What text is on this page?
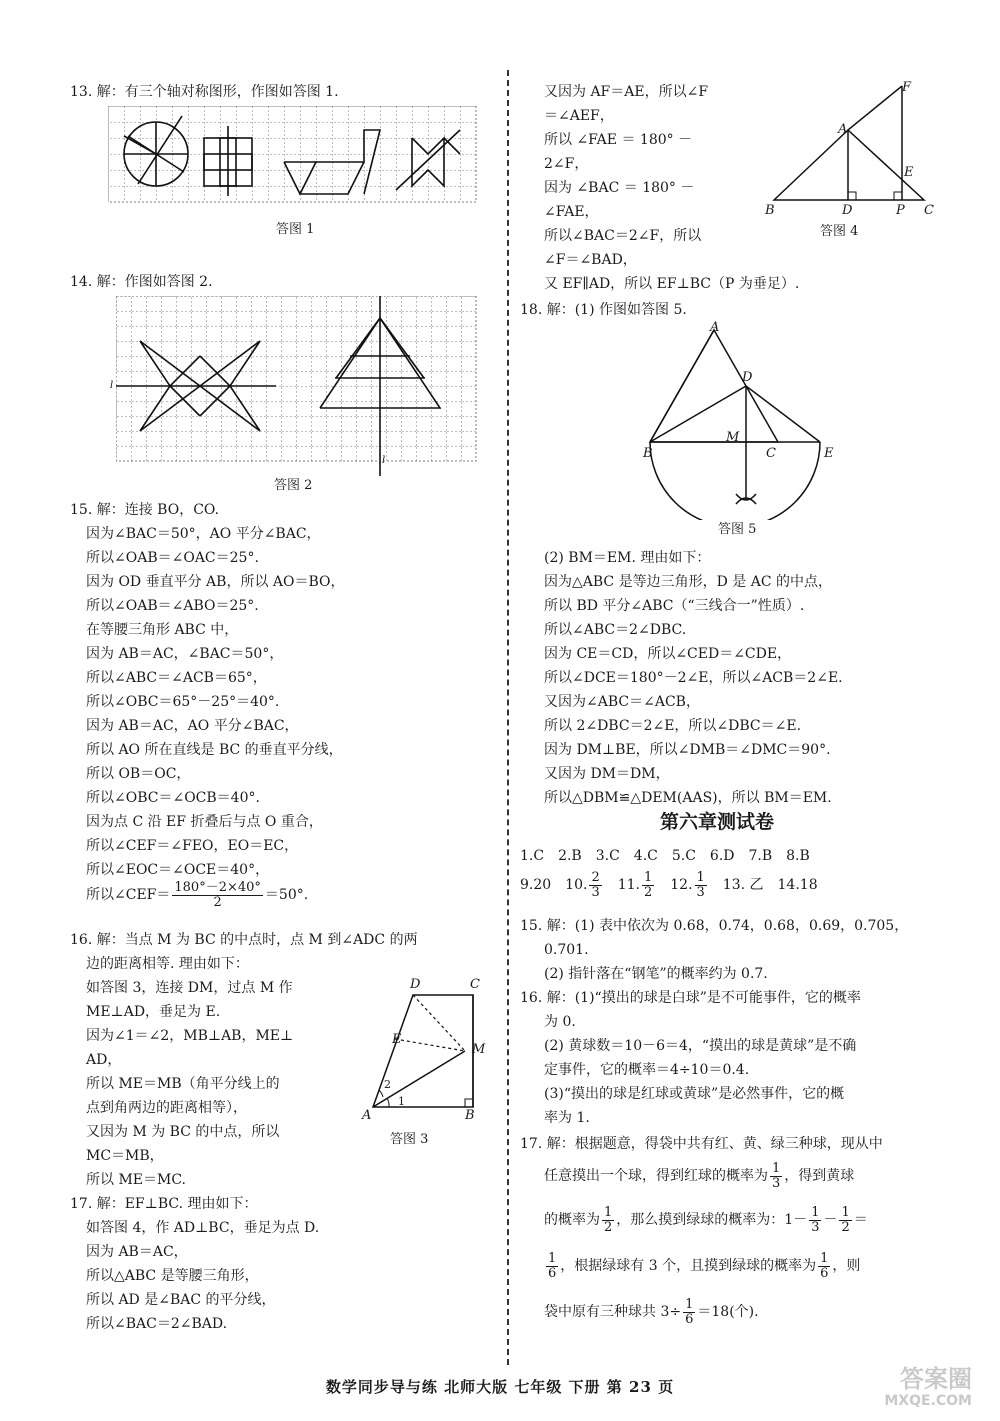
13. 解：有三个轴对称图形，作图如答图 1.
答图 1
14. 解：作图如答图 2.
l
l
答图 2
15. 解：连接 BO，CO.
因为∠BAC＝50°，AO 平分∠BAC，
所以∠OAB＝∠OAC＝25°.
因为 OD 垂直平分 AB，所以 AO＝BO，
所以∠OAB＝∠ABO＝25°.
在等腰三角形 ABC 中，
因为 AB＝AC，∠BAC＝50°，
所以∠ABC＝∠ACB＝65°，
所以∠OBC＝65°－25°＝40°.
因为 AB＝AC，AO 平分∠BAC，
所以 AO 所在直线是 BC 的垂直平分线，
所以 OB＝OC，
所以∠OBC＝∠OCB＝40°.
因为点 C 沿 EF 折叠后与点 O 重合，
所以∠CEF＝∠FEO，EO＝EC，
所以∠EOC＝∠OCE＝40°，
所以∠CEF＝ $\frac{180^\circ-2\times 40^\circ}{2} =50^\circ$.
16. 解：当点 M 为 BC 的中点时，点 M 到∠ADC 的两
边的距离相等. 理由如下：
如答图 3，连接 DM，过点 M 作
ME⊥AD，垂足为 E.
因为∠1＝∠2，MB⊥AB，ME⊥
AD，
所以 ME＝MB（角平分线上的
点到角两边的距离相等），
又因为 M 为 BC 的中点，所以
MC＝MB，
所以 ME＝MC.
D	C
E
M
A	B
1
2
答图 3
17. 解：EF⊥BC. 理由如下：
如答图 4，作 AD⊥BC，垂足为点 D.
因为 AB＝AC，
所以△ABC 是等腰三角形，
所以 AD 是∠BAC 的平分线，
所以∠BAC＝2∠BAD.
又因为 AF＝AE，所以∠F
＝∠AEF，
所以 ∠FAE ＝ 180° －
2∠F，
因为 ∠BAC ＝ 180° －
∠FAE，
所以∠BAC＝2∠F，所以
∠F＝∠BAD，
又 EF∥AD，所以 EF⊥BC（P 为垂足）.
F
A
E
B	D	P C
答图 4
18. 解：(1) 作图如答图 5.
A
D
M
B	C	E
答图 5
(2) BM＝EM. 理由如下：
因为△ABC 是等边三角形，D 是 AC 的中点，
所以 BD 平分∠ABC（“三线合一”性质）.
所以∠ABC＝2∠DBC.
因为 CE＝CD，所以∠CED＝∠CDE，
所以∠DCE＝180°－2∠E，所以∠ACB＝2∠E.
又因为∠ABC＝∠ACB，
所以 2∠DBC＝2∠E，所以∠DBC＝∠E.
因为 DM⊥BE，所以∠DMB＝∠DMC＝90°.
又因为 DM＝DM，
所以△DBM≌△DEM(AAS)，所以 BM＝EM.
第六章测试卷
1.C　2.B　3.C　4.C　5.C　6.D　7.B　8.B
9.20　10. $\frac{2}{3}$ 　11. $\frac{1}{2}$ 　12. $\frac{1}{3}$ 　13. 乙　14.18
15. 解：(1) 表中依次为 0.68，0.74，0.68，0.69，0.705，
0.701.
(2) 指针落在“钢笔”的概率约为 0.7.
16. 解：(1)“摸出的球是白球”是不可能事件，它的概率
为 0.
(2) 黄球数＝10－6＝4，“摸出的球是黄球”是不确
定事件，它的概率＝4÷10＝0.4.
(3)“摸出的球是红球或黄球”是必然事件，它的概
率为 1.
17. 解：根据题意，得袋中共有红、黄、绿三种球，现从中
任意摸出一个球，得到红球的概率为 $\frac{1}{3}$ ，得到黄球
的概率为 $\frac{1}{2}$ ，那么摸到绿球的概率为：$1- \frac{1}{3} - \frac{1}{2}$ ＝
$\frac{1}{6}$ ，根据绿球有 3 个，且摸到绿球的概率为 $\frac{1}{6}$ ，则
袋中原有三种球共 $3\div \frac{1}{6} =18$(个).
数学同步导与练 北师大版 七年级 下册 第 23 页	答案圈
MXQE.COM
